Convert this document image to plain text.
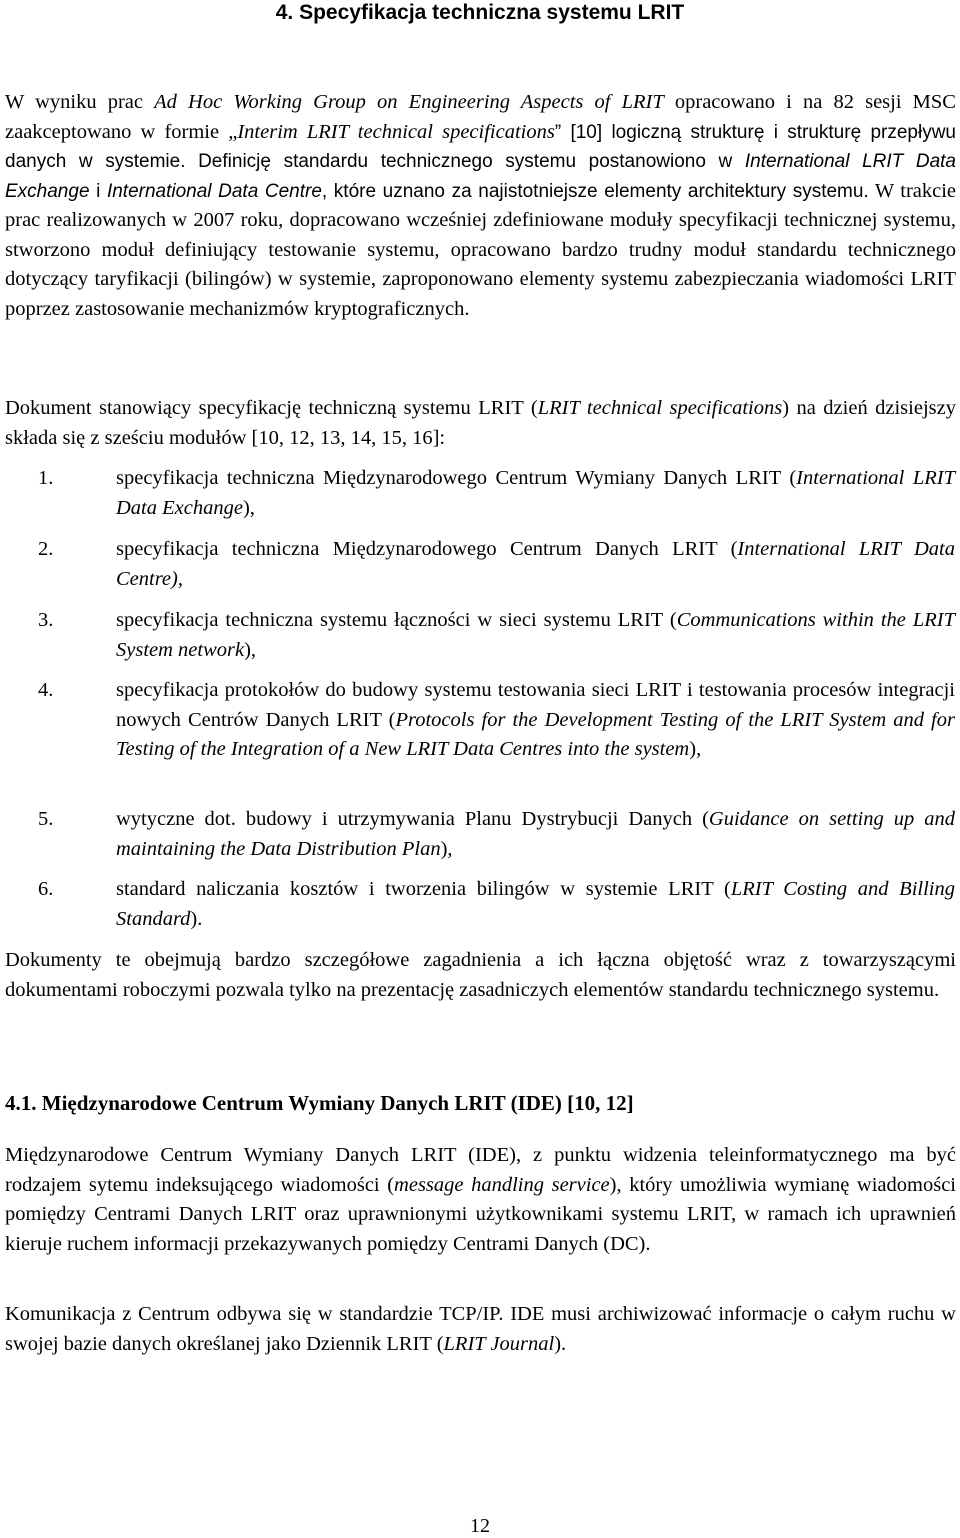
4. Specyfikacja techniczna systemu LRIT
W wyniku prac Ad Hoc Working Group on Engineering Aspects of LRIT opracowano i na 82 sesji MSC zaakceptowano w formie „Interim LRIT technical specifications” [10] logiczną strukturę i strukturę przepływu danych w systemie. Definicję standardu technicznego systemu postanowiono w International LRIT Data Exchange i International Data Centre, które uznano za najistotniejsze elementy architektury systemu. W trakcie prac realizowanych w 2007 roku, dopracowano wcześniej zdefiniowane moduły specyfikacji technicznej systemu, stworzono moduł definiujący testowanie systemu, opracowano bardzo trudny moduł standardu technicznego dotyczący taryfikacji (bilingów) w systemie, zaproponowano elementy systemu zabezpieczania wiadomości LRIT poprzez zastosowanie mechanizmów kryptograficznych.
Dokument stanowiący specyfikację techniczną systemu LRIT (LRIT technical specifications) na dzień dzisiejszy składa się z sześciu modułów [10, 12, 13, 14, 15, 16]:
1.	specyfikacja techniczna Międzynarodowego Centrum Wymiany Danych LRIT (International LRIT Data Exchange),
2.	specyfikacja techniczna Międzynarodowego Centrum Danych LRIT (International LRIT Data Centre),
3.	specyfikacja techniczna systemu łączności w sieci systemu LRIT (Communications within the LRIT System network),
4.	specyfikacja protokołów do budowy systemu testowania sieci LRIT i testowania procesów integracji nowych Centrów Danych LRIT (Protocols for the Development Testing of the LRIT System and for Testing of the Integration of a New LRIT Data Centres into the system),
5.	wytyczne dot. budowy i utrzymywania Planu Dystrybucji Danych (Guidance on setting up and maintaining the Data Distribution Plan),
6.	standard naliczania kosztów i tworzenia bilingów w systemie LRIT (LRIT Costing and Billing Standard).
Dokumenty te obejmują bardzo szczegółowe zagadnienia a ich łączna objętość wraz z towarzyszącymi dokumentami roboczymi pozwala tylko na prezentację zasadniczych elementów standardu technicznego systemu.
4.1. Międzynarodowe Centrum Wymiany Danych LRIT (IDE) [10, 12]
Międzynarodowe Centrum Wymiany Danych LRIT (IDE), z punktu widzenia teleinformatycznego ma być rodzajem sytemu indeksującego wiadomości (message handling service), który umożliwia wymianę wiadomości pomiędzy Centrami Danych LRIT oraz uprawnionymi użytkownikami systemu LRIT, w ramach ich uprawnień kieruje ruchem informacji przekazywanych pomiędzy Centrami Danych (DC).
Komunikacja z Centrum odbywa się w standardzie TCP/IP. IDE musi archiwizować informacje o całym ruchu w swojej bazie danych określanej jako Dziennik LRIT (LRIT Journal).
12
